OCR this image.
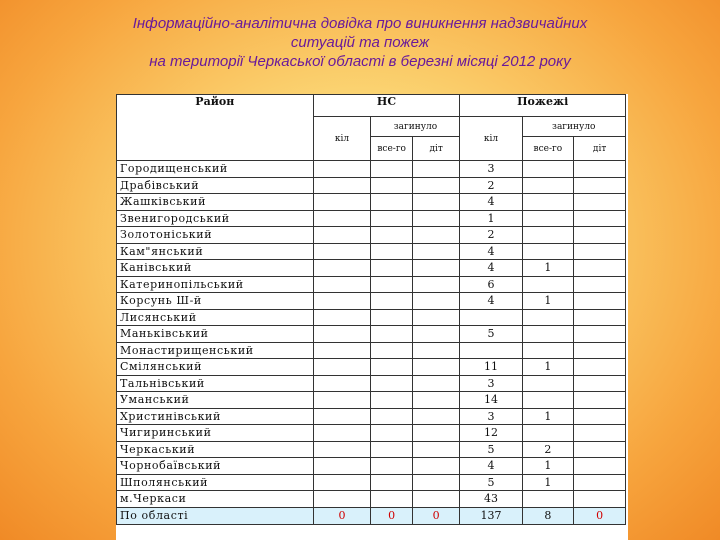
Інформаційно-аналітична довідка про виникнення надзвичайних
ситуацій та пожеж
на території Черкаської області в березні місяці 2012 року
Район	НС			Пожежі		
	кіл	загинуло		кіл	загинуло	
		все-го	діт		все-го	діт
Городищенський				3		
Драбівський				2		
Жашківський				4		
Звенигородський				1		
Золотоніський				2		
Кам"янський				4		
Канівський				4	1	
Катеринопільський				6		
Корсунь Ш-й				4	1	
Лисянський						
Маньківський				5		
Монастирищенський						
Смілянський				11	1	
Тальнівський				3		
Уманський				14		
Христинівський				3	1	
Чигиринський				12		
Черкаський				5	2	
Чорнобаївський				4	1	
Шполянський				5	1	
м.Черкаси				43		
По області	0	0	0	137	8	0
